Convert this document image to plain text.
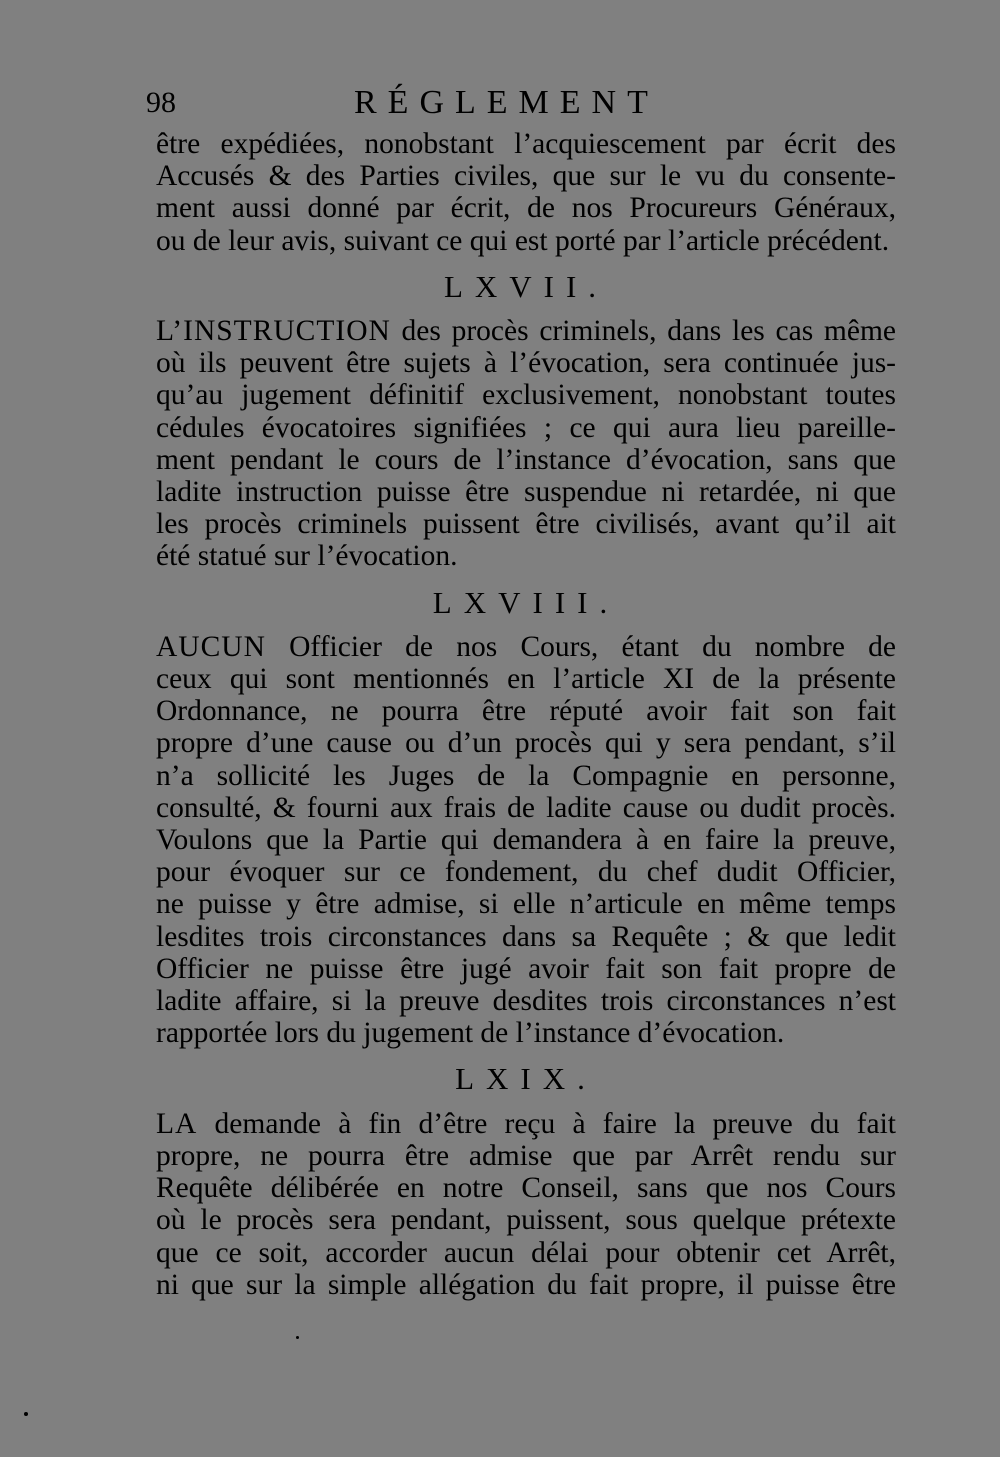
98	RÉGLEMENT

être expédiées, nonobstant l’acquiescement par écrit des
Accusés & des Parties civiles, que sur le vu du consente-
ment aussi donné par écrit, de nos Procureurs Généraux,
ou de leur avis, suivant ce qui est porté par l’article précédent.

LXVII.

L’INSTRUCTION des procès criminels, dans les cas même
où ils peuvent être sujets à l’évocation, sera continuée jus-
qu’au jugement définitif exclusivement, nonobstant toutes
cédules évocatoires signifiées ; ce qui aura lieu pareille-
ment pendant le cours de l’instance d’évocation, sans que
ladite instruction puisse être suspendue ni retardée, ni que
les procès criminels puissent être civilisés, avant qu’il ait
été statué sur l’évocation.

LXVIII.

AUCUN Officier de nos Cours, étant du nombre de
ceux qui sont mentionnés en l’article XI de la présente
Ordonnance, ne pourra être réputé avoir fait son fait
propre d’une cause ou d’un procès qui y sera pendant, s’il
n’a sollicité les Juges de la Compagnie en personne,
consulté, & fourni aux frais de ladite cause ou dudit procès.
Voulons que la Partie qui demandera à en faire la preuve,
pour évoquer sur ce fondement, du chef dudit Officier,
ne puisse y être admise, si elle n’articule en même temps
lesdites trois circonstances dans sa Requête ; & que ledit
Officier ne puisse être jugé avoir fait son fait propre de
ladite affaire, si la preuve desdites trois circonstances n’est
rapportée lors du jugement de l’instance d’évocation.

LXIX.

LA demande à fin d’être reçu à faire la preuve du fait
propre, ne pourra être admise que par Arrêt rendu sur
Requête délibérée en notre Conseil, sans que nos Cours
où le procès sera pendant, puissent, sous quelque prétexte
que ce soit, accorder aucun délai pour obtenir cet Arrêt,
ni que sur la simple allégation du fait propre, il puisse être
